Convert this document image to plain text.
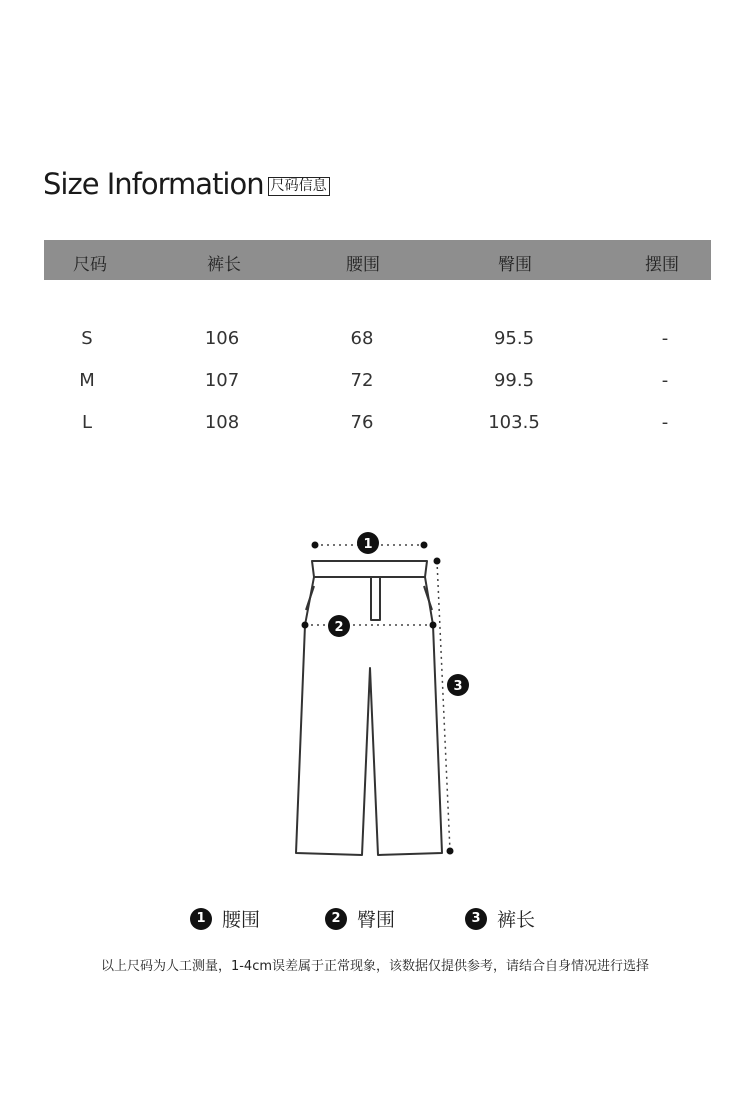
Size Information 尺码信息
尺码	裤长	腰围	臀围	摆围
S	106	68	95.5	-
M	107	72	99.5	-
L	108	76	103.5	-
1
2
3
1 腰围	2 臀围	3 裤长
以上尺码为人工测量，1-4cm误差属于正常现象，该数据仅提供参考，请结合自身情况进行选择
